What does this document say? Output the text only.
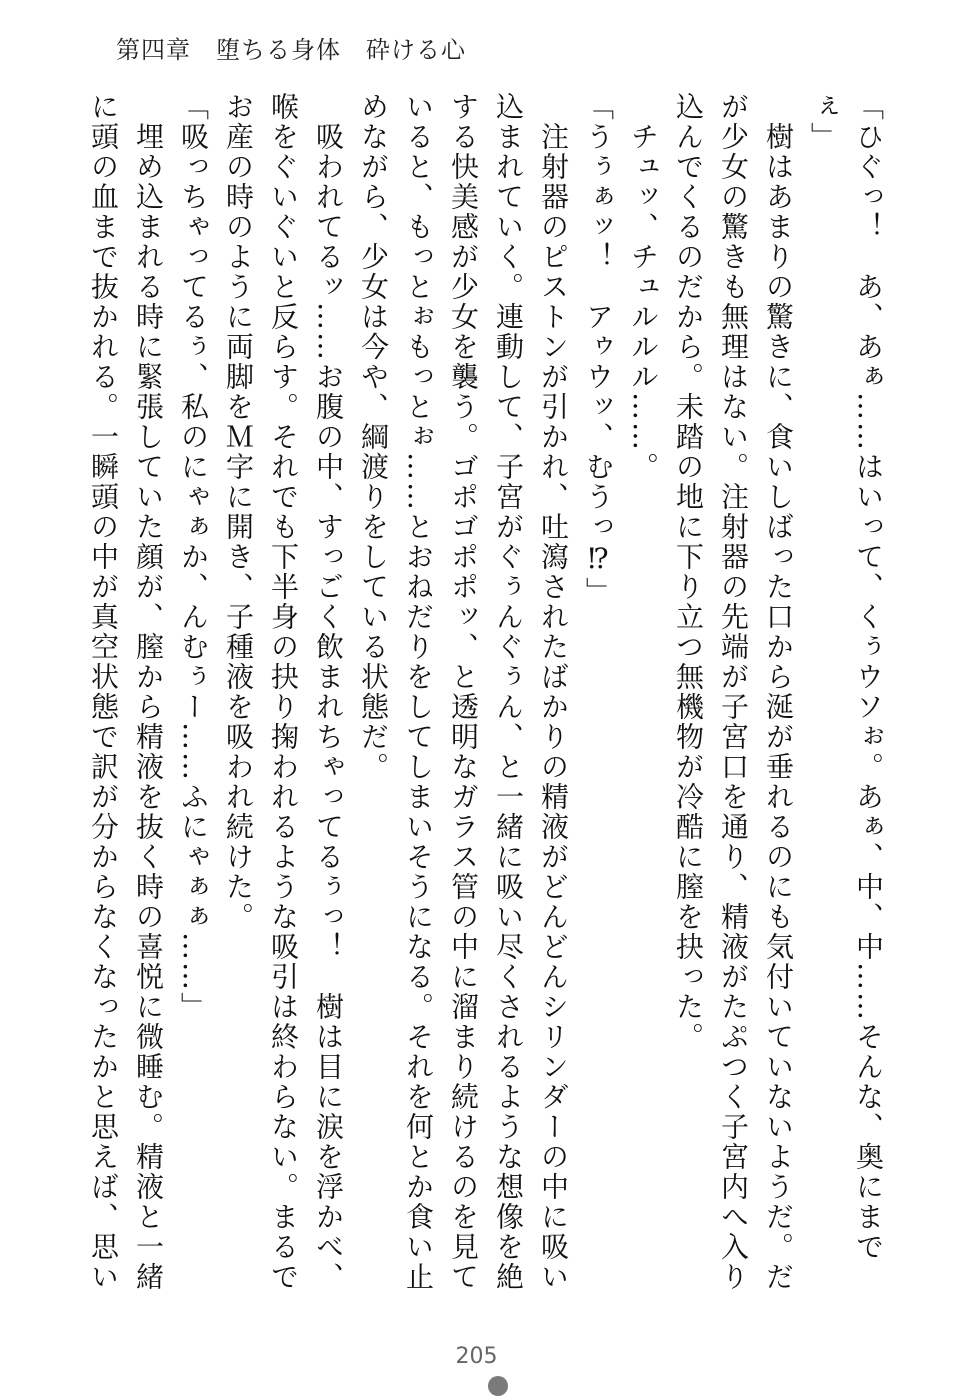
第四章　堕ちる身体　砕ける心

「ひぐっ！　あ、あぁ……はいって、くぅウソぉ。あぁ、中、中……そんな、奥にまでぇ」

　樹はあまりの驚きに、食いしばった口から涎が垂れるのにも気付いていないようだ。だが少女の驚きも無理はない。注射器の先端が子宮口を通り、精液がたぷつく子宮内へ入り込んでくるのだから。未踏の地に下り立つ無機物が冷酷に膣を抉った。

　チュッ、チュルルル……。

「うぅぁッ！　アゥウッ、むうっ⁉」

　注射器のピストンが引かれ、吐瀉されたばかりの精液がどんどんシリンダーの中に吸い込まれていく。連動して、子宮がぐぅんぐぅん、と一緒に吸い尽くされるような想像を絶する快美感が少女を襲う。ゴポゴポポッ、と透明なガラス管の中に溜まり続けるのを見ていると、もっとぉもっとぉ……とおねだりをしてしまいそうになる。それを何とか食い止めながら、少女は今や、綱渡りをしている状態だ。

　吸われてるッ……お腹の中、すっごく飲まれちゃってるぅっ！　樹は目に涙を浮かべ、喉をぐいぐいと反らす。それでも下半身の抉り掬われるような吸引は終わらない。まるでお産の時のように両脚をＭ字に開き、子種液を吸われ続けた。

「吸っちゃってるぅ、私のにゃぁか、んむぅー……ふにゃぁぁ……」

　埋め込まれる時に緊張していた顔が、膣から精液を抜く時の喜悦に微睡む。精液と一緒に頭の血まで抜かれる。一瞬頭の中が真空状態で訳が分からなくなったかと思えば、思い

205
